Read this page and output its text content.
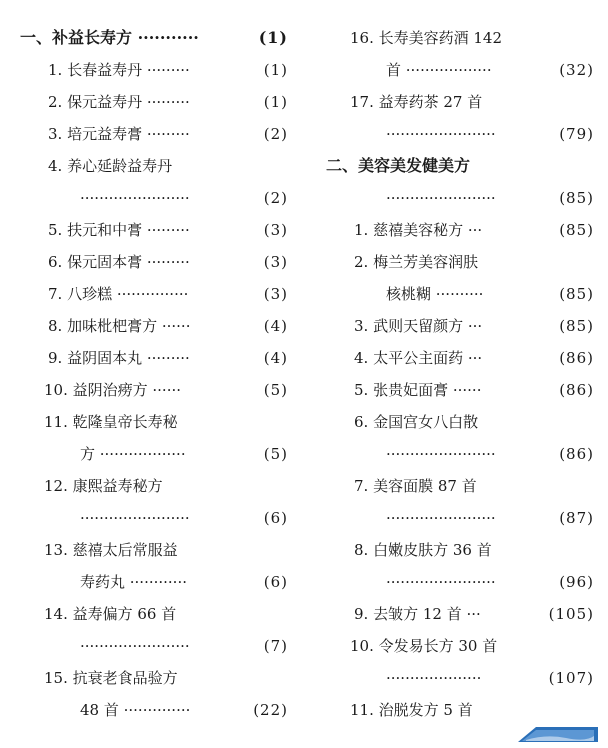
一、补益长寿方 ···········	(1)
1. 长春益寿丹 ·········	(1)
2. 保元益寿丹 ·········	(1)
3. 培元益寿膏 ·········	(2)
4. 养心延龄益寿丹
·······················	(2)
5. 扶元和中膏 ·········	(3)
6. 保元固本膏 ·········	(3)
7. 八珍糕 ···············	(3)
8. 加味枇杷膏方 ······	(4)
9. 益阴固本丸 ·········	(4)
10. 益阴治痨方 ······	(5)
11. 乾隆皇帝长寿秘
方 ··················	(5)
12. 康熙益寿秘方
·······················	(6)
13. 慈禧太后常服益
寿药丸 ············	(6)
14. 益寿偏方 66 首
·······················	(7)
15. 抗衰老食品验方
48 首 ··············	(22)
16. 长寿美容药酒 142
首 ··················	(32)
17. 益寿药茶 27 首
·······················	(79)
二、美容美发健美方
·······················	(85)
1. 慈禧美容秘方 ···	(85)
2. 梅兰芳美容润肤
核桃糊 ··········	(85)
3. 武则天留颜方 ···	(85)
4. 太平公主面药 ···	(86)
5. 张贵妃面膏 ······	(86)
6. 金国宫女八白散
·······················	(86)
7. 美容面膜 87 首
·······················	(87)
8. 白嫩皮肤方 36 首
·······················	(96)
9. 去皱方 12 首 ···	(105)
10. 令发易长方 30 首
····················	(107)
11. 治脱发方 5 首
